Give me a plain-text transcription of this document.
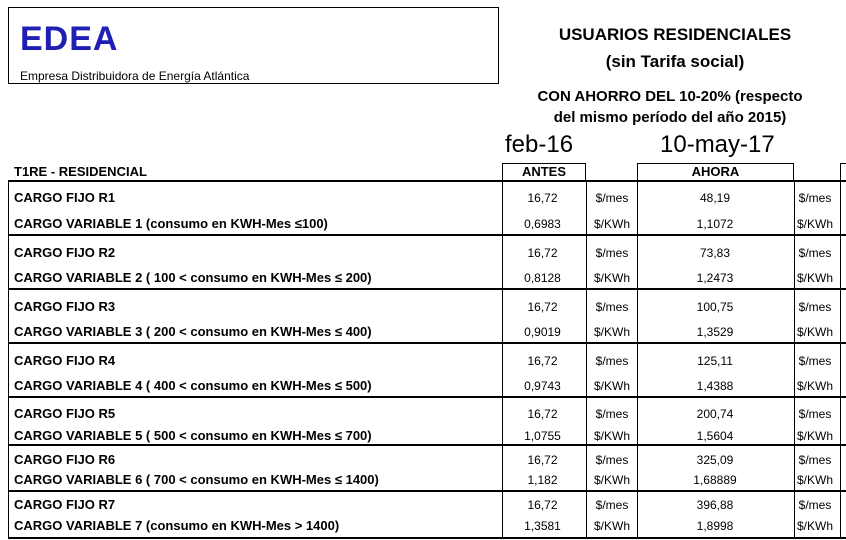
EDEA
Empresa Distribuidora de Energía Atlántica
USUARIOS RESIDENCIALES
(sin Tarifa social)
CON AHORRO DEL 10-20% (respecto
del mismo período del año 2015)
feb-16	10-may-17
T1RE - RESIDENCIAL	ANTES	AHORA
CARGO FIJO R1	16,72	$/mes	48,19	$/mes
CARGO VARIABLE 1 (consumo en KWH-Mes ≤100)	0,6983	$/KWh	1,1072	$/KWh
CARGO FIJO R2	16,72	$/mes	73,83	$/mes
CARGO VARIABLE 2 ( 100 < consumo en KWH-Mes ≤ 200)	0,8128	$/KWh	1,2473	$/KWh
CARGO FIJO R3	16,72	$/mes	100,75	$/mes
CARGO VARIABLE 3 ( 200 < consumo en KWH-Mes ≤ 400)	0,9019	$/KWh	1,3529	$/KWh
CARGO FIJO R4	16,72	$/mes	125,11	$/mes
CARGO VARIABLE 4 ( 400 < consumo en KWH-Mes ≤ 500)	0,9743	$/KWh	1,4388	$/KWh
CARGO FIJO R5	16,72	$/mes	200,74	$/mes
CARGO VARIABLE 5 ( 500 < consumo en KWH-Mes ≤ 700)	1,0755	$/KWh	1,5604	$/KWh
CARGO FIJO R6	16,72	$/mes	325,09	$/mes
CARGO VARIABLE 6 ( 700 < consumo en KWH-Mes ≤ 1400)	1,182	$/KWh	1,68889	$/KWh
CARGO FIJO R7	16,72	$/mes	396,88	$/mes
CARGO VARIABLE 7 (consumo en KWH-Mes > 1400)	1,3581	$/KWh	1,8998	$/KWh
